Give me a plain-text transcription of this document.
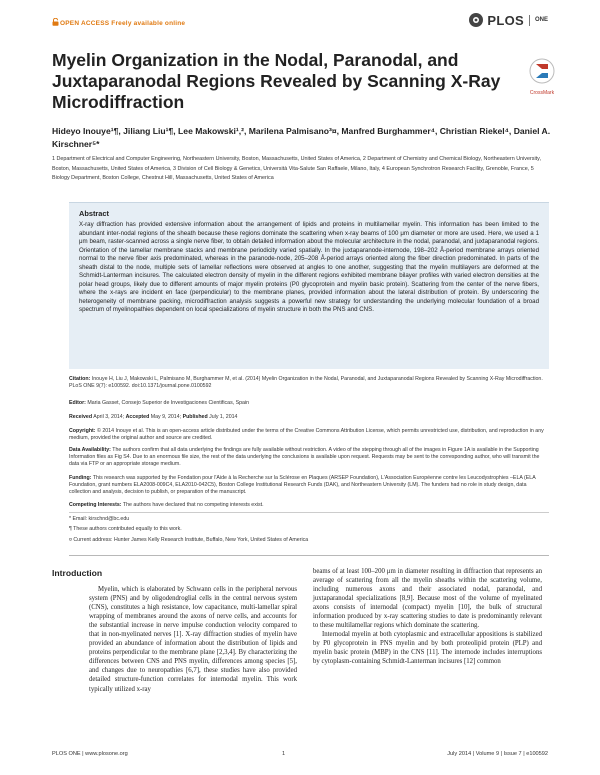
OPEN ACCESS Freely available online	PLOS ONE
Myelin Organization in the Nodal, Paranodal, and Juxtaparanodal Regions Revealed by Scanning X-Ray Microdiffraction	CrossMark
Hideyo Inouye¹¶, Jiliang Liu¹¶, Lee Makowski¹,², Marilena Palmisano³¤, Manfred Burghammer⁴, Christian Riekel⁴, Daniel A. Kirschner⁵*
1 Department of Electrical and Computer Engineering, Northeastern University, Boston, Massachusetts, United States of America, 2 Department of Chemistry and Chemical Biology, Northeastern University, Boston, Massachusetts, United States of America, 3 Division of Cell Biology & Genetics, Università Vita-Salute San Raffaele, Milano, Italy, 4 European Synchrotron Research Facility, Grenoble, France, 5 Biology Department, Boston College, Chestnut Hill, Massachusetts, United States of America
Abstract
X-ray diffraction has provided extensive information about the arrangement of lipids and proteins in multilamellar myelin. This information has been limited to the abundant inter-nodal regions of the sheath because these regions dominate the scattering when x-ray beams of 100 μm diameter or more are used. Here, we used a 1 μm beam, raster-scanned across a single nerve fiber, to obtain detailed information about the molecular architecture in the nodal, paranodal, and juxtaparanodal regions. Orientation of the lamellar membrane stacks and membrane periodicity varied spatially. In the juxtaparanode-internode, 198–202 Å-period membrane arrays oriented normal to the nerve fiber axis predominated, whereas in the paranode-node, 205–208 Å-period arrays oriented along the fiber direction predominated. In parts of the sheath distal to the node, multiple sets of lamellar reflections were observed at angles to one another, suggesting that the myelin multilayers are deformed at the Schmidt-Lanterman incisures. The calculated electron density of myelin in the different regions exhibited membrane bilayer profiles with varied electron densities at the polar head groups, likely due to different amounts of major myelin proteins (P0 glycoprotein and myelin basic protein). Scattering from the center of the nerve fibers, where the x-rays are incident en face (perpendicular) to the membrane planes, provided information about the lateral distribution of protein. By underscoring the heterogeneity of membrane packing, microdiffraction analysis suggests a powerful new strategy for understanding the underlying molecular foundation of a broad spectrum of myelinopathies dependent on local specializations of myelin structure in both the PNS and CNS.
Citation: Inouye H, Liu J, Makowski L, Palmisano M, Burghammer M, et al. (2014) Myelin Organization in the Nodal, Paranodal, and Juxtaparanodal Regions Revealed by Scanning X-Ray Microdiffraction. PLoS ONE 9(7): e100592. doi:10.1371/journal.pone.0100592
Editor: Maria Gasset, Consejo Superior de Investigaciones Cientificas, Spain
Received April 3, 2014; Accepted May 9, 2014; Published July 1, 2014
Copyright: © 2014 Inouye et al. This is an open-access article distributed under the terms of the Creative Commons Attribution License, which permits unrestricted use, distribution, and reproduction in any medium, provided the original author and source are credited.
Data Availability: The authors confirm that all data underlying the findings are fully available without restriction. A video of the stepping through all of the images in Figure 1A is available in the Supporting Information files as Fig S4. Due to an enormous file size, the rest of the data underlying the conclusions is available upon request. Requests may be sent to the corresponding author, who will transmit the data via FTP or an appropriate storage medium.
Funding: This research was supported by the Fondation pour l'Aide à la Recherche sur la Sclérose en Plaques (ARSEP Foundation), L'Association Européenne contre les Leucodystrophies –ELA (ELA Foundation, grant numbers ELA2008-009C4, ELA2010-042C5), Boston College Institutional Research Funds (DAK), and Northeastern University (LM). The funders had no role in study design, data collection and analysis, decision to publish, or preparation of the manuscript.
Competing Interests: The authors have declared that no competing interests exist.
* Email: kirschnd@bc.edu
¶ These authors contributed equally to this work.
¤ Current address: Hunter James Kelly Research Institute, Buffalo, New York, United States of America
Introduction

Myelin, which is elaborated by Schwann cells in the peripheral nervous system (PNS) and by oligodendroglial cells in the central nervous system (CNS), constitutes a high resistance, low capacitance, multi-lamellar spiral wrapping of membranes around the axons of nerve cells, and accounts for the substantial increase in nerve impulse conduction velocity compared to that in non-myelinated nerves [1]. X-ray diffraction studies of myelin have provided an abundance of information about the distribution of lipids and proteins perpendicular to the membrane plane [2,3,4]. By characterizing the differences between CNS and PNS myelin, differences among species [5], and changes due to neuropathies [6,7], these studies have also provided detailed structure-function correlates for internodal myelin. This work typically utilized x-ray

beams of at least 100–200 μm in diameter resulting in diffraction that represents an average of scattering from all the myelin sheaths within the scattering volume, including numerous axons and their associated nodal, paranodal, and juxtaparanodal specializations [8,9]. Because most of the volume of myelinated axons consists of internodal (compact) myelin [10], the bulk of structural information produced by x-ray scattering studies to date is predominantly relevant to these multilamellar regions which dominate the scattering.

Internodal myelin at both cytoplasmic and extracellular appositions is stabilized by P0 glycoprotein in PNS myelin and by both proteolipid protein (PLP) and myelin basic protein (MBP) in the CNS [11]. The internode includes interruptions by cytoplasm-containing Schmidt-Lanterman incisures [12] common

PLOS ONE | www.plosone.org	1	July 2014 | Volume 9 | Issue 7 | e100592
